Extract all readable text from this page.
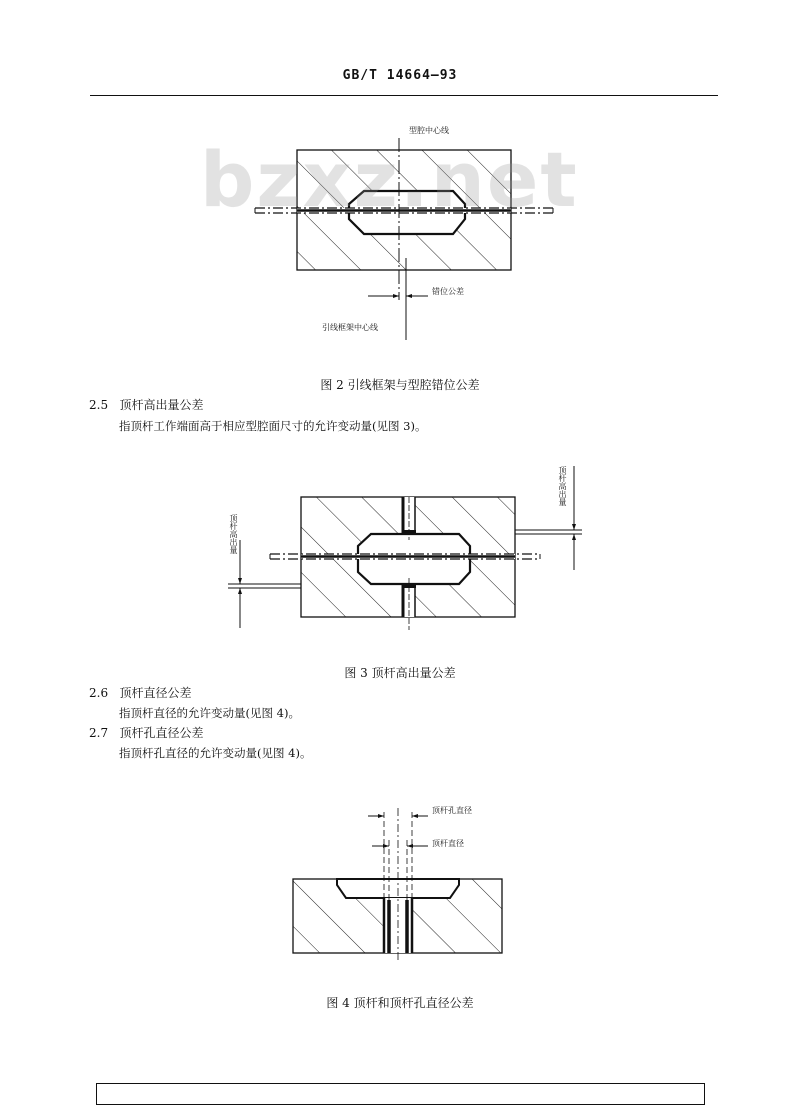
GB/T 14664—93
bzxz.net
型腔中心线
错位公差
引线框架中心线
图 2 引线框架与型腔错位公差
2.5 顶杆高出量公差
指顶杆工作端面高于相应型腔面尺寸的允许变动量(见图 3)。
顶杆高出量
顶杆高出量
图 3 顶杆高出量公差
2.6 顶杆直径公差
指顶杆直径的允许变动量(见图 4)。
2.7 顶杆孔直径公差
指顶杆孔直径的允许变动量(见图 4)。
顶杆孔直径
顶杆直径
图 4 顶杆和顶杆孔直径公差
